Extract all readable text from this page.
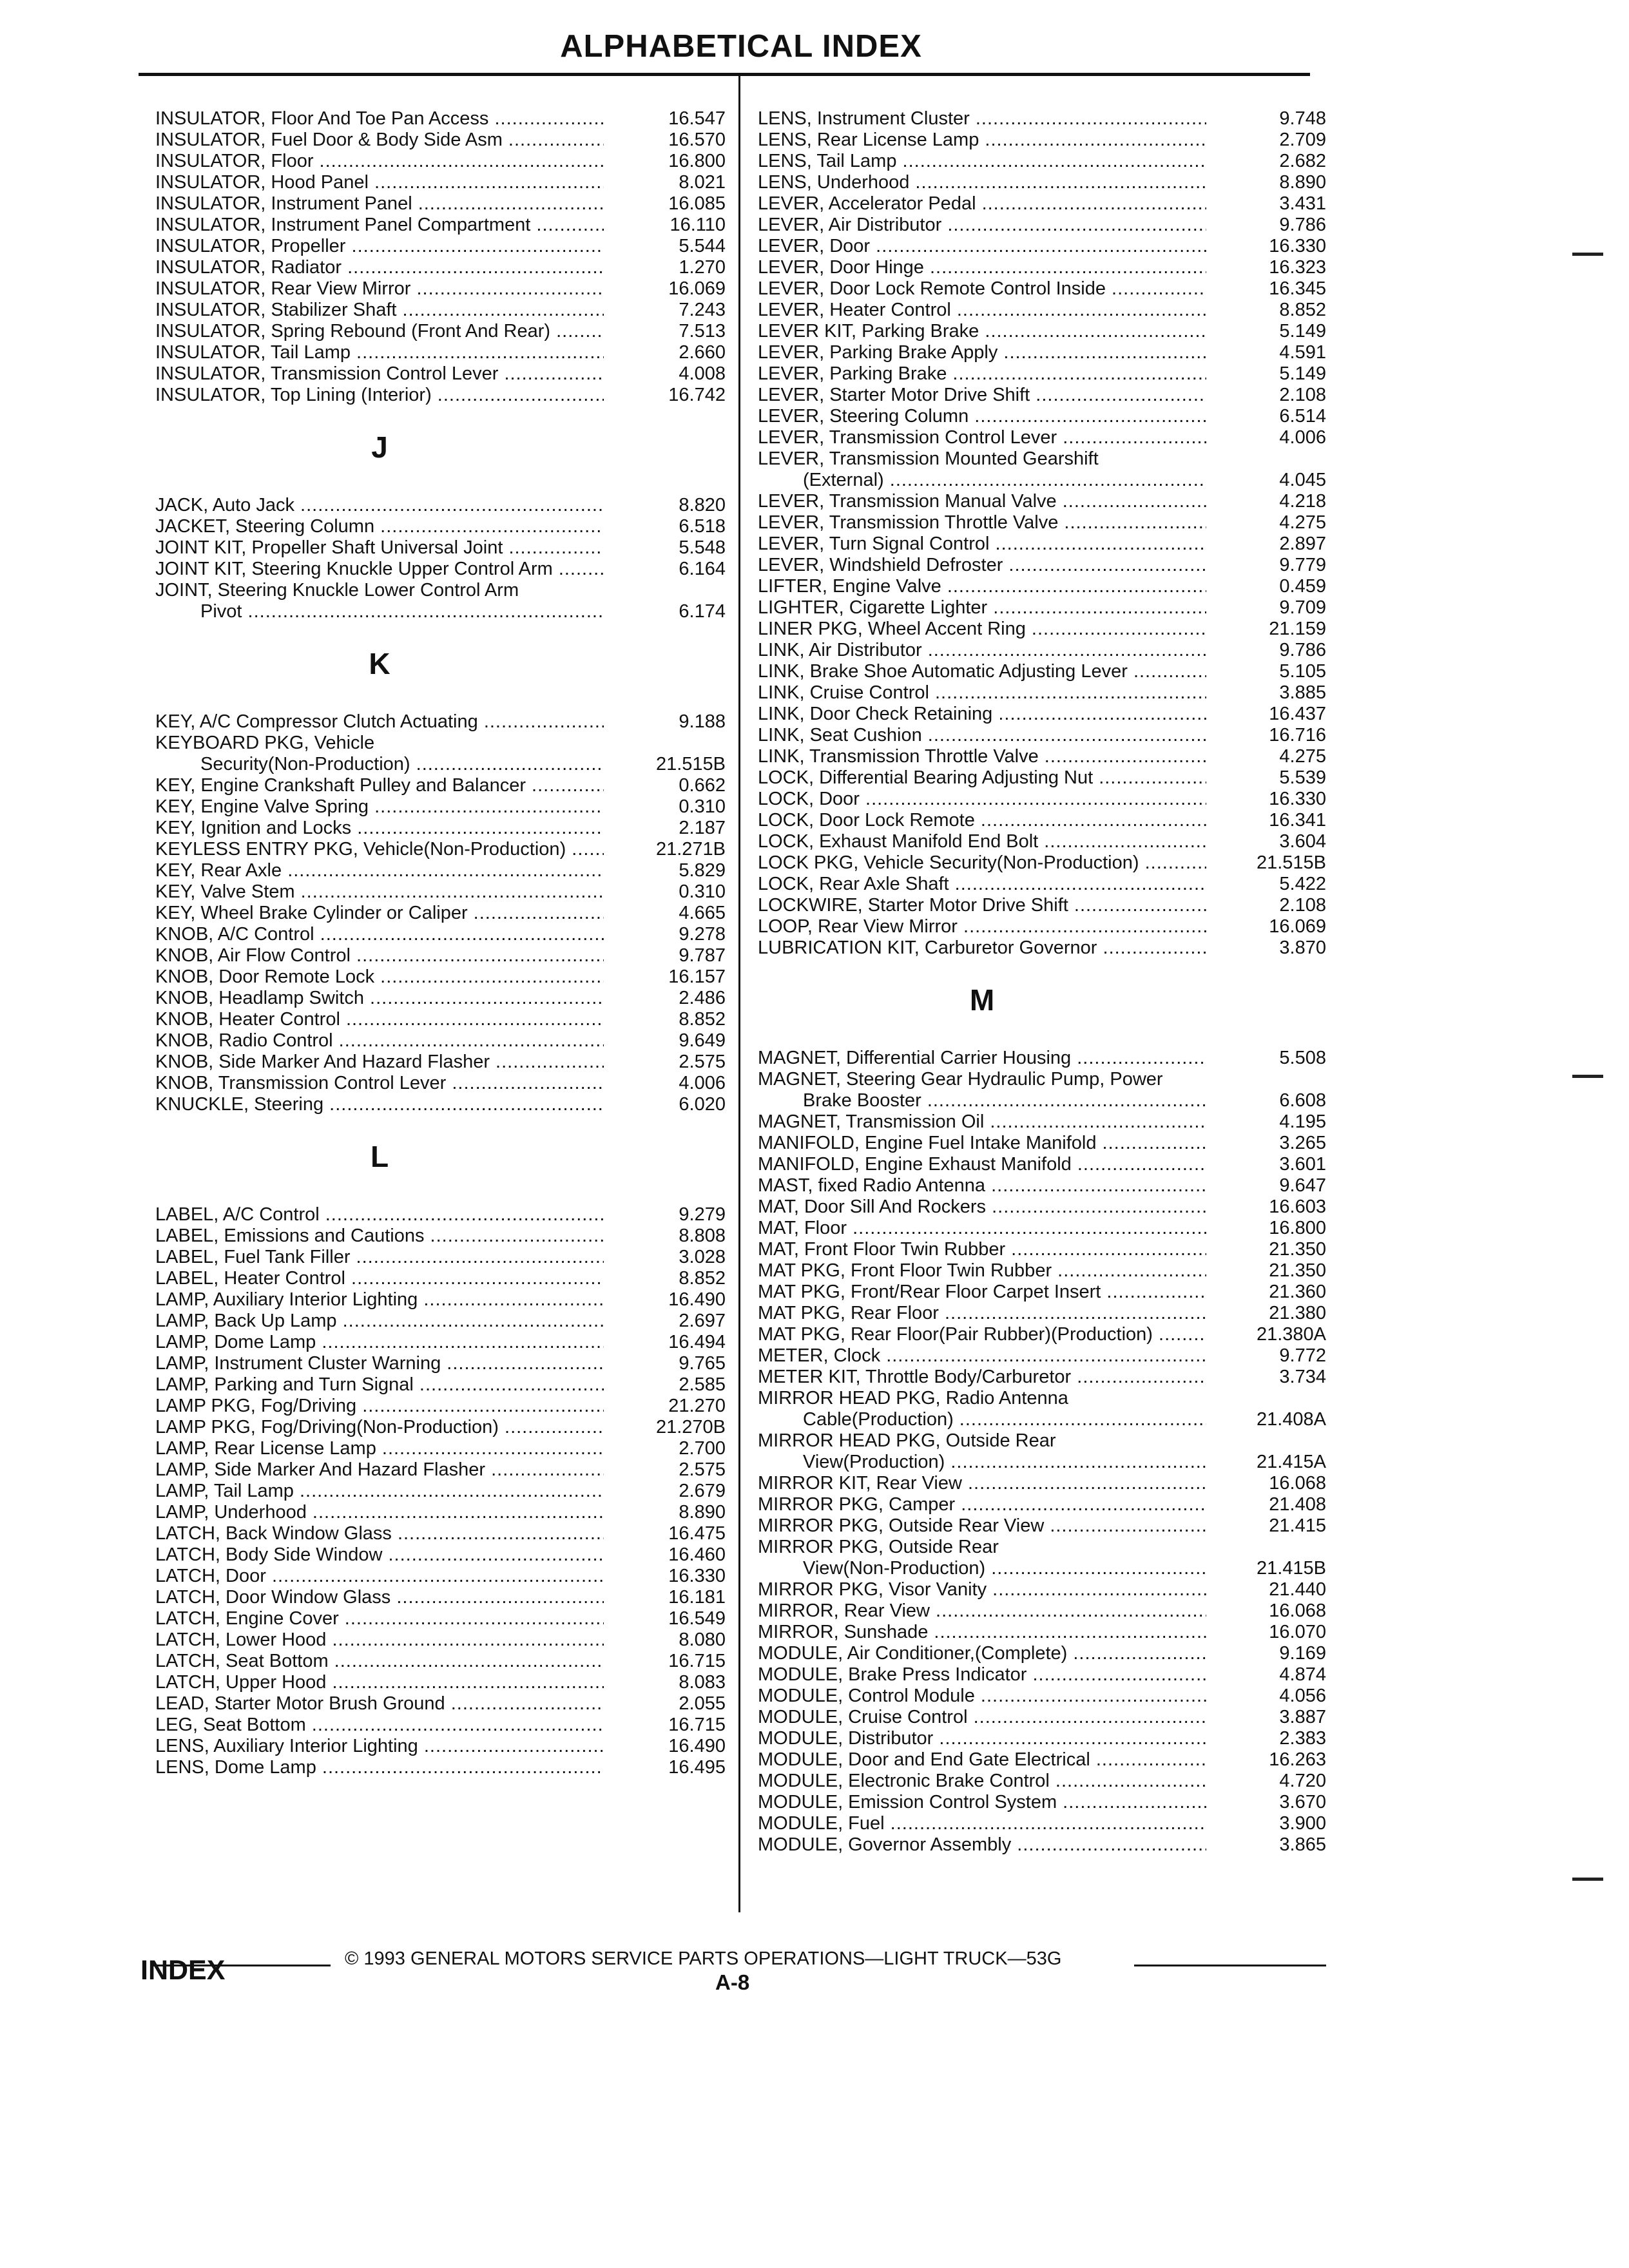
ALPHABETICAL INDEX
INSULATOR, Floor And Toe Pan Access .....	16.547
INSULATOR, Fuel Door & Body Side Asm .....	16.570
INSULATOR, Floor .....	16.800
INSULATOR, Hood Panel .....	8.021
INSULATOR, Instrument Panel .....	16.085
INSULATOR, Instrument Panel Compartment .....	16.110
INSULATOR, Propeller .....	5.544
INSULATOR, Radiator .....	1.270
INSULATOR, Rear View Mirror .....	16.069
INSULATOR, Stabilizer Shaft .....	7.243
INSULATOR, Spring Rebound (Front And Rear) .....	7.513
INSULATOR, Tail Lamp .....	2.660
INSULATOR, Transmission Control Lever .....	4.008
INSULATOR, Top Lining (Interior) .....	16.742
J
JACK, Auto Jack .....	8.820
JACKET, Steering Column .....	6.518
JOINT KIT, Propeller Shaft Universal Joint .....	5.548
JOINT KIT, Steering Knuckle Upper Control Arm .....	6.164
JOINT, Steering Knuckle Lower Control Arm
Pivot .....	6.174
K
KEY, A/C Compressor Clutch Actuating .....	9.188
KEYBOARD PKG, Vehicle
Security(Non-Production) .....	21.515B
KEY, Engine Crankshaft Pulley and Balancer .....	0.662
KEY, Engine Valve Spring .....	0.310
KEY, Ignition and Locks .....	2.187
KEYLESS ENTRY PKG, Vehicle(Non-Production) .....	21.271B
KEY, Rear Axle .....	5.829
KEY, Valve Stem .....	0.310
KEY, Wheel Brake Cylinder or Caliper .....	4.665
KNOB, A/C Control .....	9.278
KNOB, Air Flow Control .....	9.787
KNOB, Door Remote Lock .....	16.157
KNOB, Headlamp Switch .....	2.486
KNOB, Heater Control .....	8.852
KNOB, Radio Control .....	9.649
KNOB, Side Marker And Hazard Flasher .....	2.575
KNOB, Transmission Control Lever .....	4.006
KNUCKLE, Steering .....	6.020
L
LABEL, A/C Control .....	9.279
LABEL, Emissions and Cautions .....	8.808
LABEL, Fuel Tank Filler .....	3.028
LABEL, Heater Control .....	8.852
LAMP, Auxiliary Interior Lighting .....	16.490
LAMP, Back Up Lamp .....	2.697
LAMP, Dome Lamp .....	16.494
LAMP, Instrument Cluster Warning .....	9.765
LAMP, Parking and Turn Signal .....	2.585
LAMP PKG, Fog/Driving .....	21.270
LAMP PKG, Fog/Driving(Non-Production) .....	21.270B
LAMP, Rear License Lamp .....	2.700
LAMP, Side Marker And Hazard Flasher .....	2.575
LAMP, Tail Lamp .....	2.679
LAMP, Underhood .....	8.890
LATCH, Back Window Glass .....	16.475
LATCH, Body Side Window .....	16.460
LATCH, Door .....	16.330
LATCH, Door Window Glass .....	16.181
LATCH, Engine Cover .....	16.549
LATCH, Lower Hood .....	8.080
LATCH, Seat Bottom .....	16.715
LATCH, Upper Hood .....	8.083
LEAD, Starter Motor Brush Ground .....	2.055
LEG, Seat Bottom .....	16.715
LENS, Auxiliary Interior Lighting .....	16.490
LENS, Dome Lamp .....	16.495
LENS, Instrument Cluster .....	9.748
LENS, Rear License Lamp .....	2.709
LENS, Tail Lamp .....	2.682
LENS, Underhood .....	8.890
LEVER, Accelerator Pedal .....	3.431
LEVER, Air Distributor .....	9.786
LEVER, Door .....	16.330
LEVER, Door Hinge .....	16.323
LEVER, Door Lock Remote Control Inside .....	16.345
LEVER, Heater Control .....	8.852
LEVER KIT, Parking Brake .....	5.149
LEVER, Parking Brake Apply .....	4.591
LEVER, Parking Brake .....	5.149
LEVER, Starter Motor Drive Shift .....	2.108
LEVER, Steering Column .....	6.514
LEVER, Transmission Control Lever .....	4.006
LEVER, Transmission Mounted Gearshift
(External) .....	4.045
LEVER, Transmission Manual Valve .....	4.218
LEVER, Transmission Throttle Valve .....	4.275
LEVER, Turn Signal Control .....	2.897
LEVER, Windshield Defroster .....	9.779
LIFTER, Engine Valve .....	0.459
LIGHTER, Cigarette Lighter .....	9.709
LINER PKG, Wheel Accent Ring .....	21.159
LINK, Air Distributor .....	9.786
LINK, Brake Shoe Automatic Adjusting Lever .....	5.105
LINK, Cruise Control .....	3.885
LINK, Door Check Retaining .....	16.437
LINK, Seat Cushion .....	16.716
LINK, Transmission Throttle Valve .....	4.275
LOCK, Differential Bearing Adjusting Nut .....	5.539
LOCK, Door .....	16.330
LOCK, Door Lock Remote .....	16.341
LOCK, Exhaust Manifold End Bolt .....	3.604
LOCK PKG, Vehicle Security(Non-Production) .....	21.515B
LOCK, Rear Axle Shaft .....	5.422
LOCKWIRE, Starter Motor Drive Shift .....	2.108
LOOP, Rear View Mirror .....	16.069
LUBRICATION KIT, Carburetor Governor .....	3.870
M
MAGNET, Differential Carrier Housing .....	5.508
MAGNET, Steering Gear Hydraulic Pump, Power
Brake Booster .....	6.608
MAGNET, Transmission Oil .....	4.195
MANIFOLD, Engine Fuel Intake Manifold .....	3.265
MANIFOLD, Engine Exhaust Manifold .....	3.601
MAST, fixed Radio Antenna .....	9.647
MAT, Door Sill And Rockers .....	16.603
MAT, Floor .....	16.800
MAT, Front Floor Twin Rubber .....	21.350
MAT PKG, Front Floor Twin Rubber .....	21.350
MAT PKG, Front/Rear Floor Carpet Insert .....	21.360
MAT PKG, Rear Floor .....	21.380
MAT PKG, Rear Floor(Pair Rubber)(Production) .....	21.380A
METER, Clock .....	9.772
METER KIT, Throttle Body/Carburetor .....	3.734
MIRROR HEAD PKG, Radio Antenna
Cable(Production) .....	21.408A
MIRROR HEAD PKG, Outside Rear
View(Production) .....	21.415A
MIRROR KIT, Rear View .....	16.068
MIRROR PKG, Camper .....	21.408
MIRROR PKG, Outside Rear View .....	21.415
MIRROR PKG, Outside Rear
View(Non-Production) .....	21.415B
MIRROR PKG, Visor Vanity .....	21.440
MIRROR, Rear View .....	16.068
MIRROR, Sunshade .....	16.070
MODULE, Air Conditioner,(Complete) .....	9.169
MODULE, Brake Press Indicator .....	4.874
MODULE, Control Module .....	4.056
MODULE, Cruise Control .....	3.887
MODULE, Distributor .....	2.383
MODULE, Door and End Gate Electrical .....	16.263
MODULE, Electronic Brake Control .....	4.720
MODULE, Emission Control System .....	3.670
MODULE, Fuel .....	3.900
MODULE, Governor Assembly .....	3.865
© 1993 GENERAL MOTORS SERVICE PARTS OPERATIONS—LIGHT TRUCK—53G
INDEX	A-8
